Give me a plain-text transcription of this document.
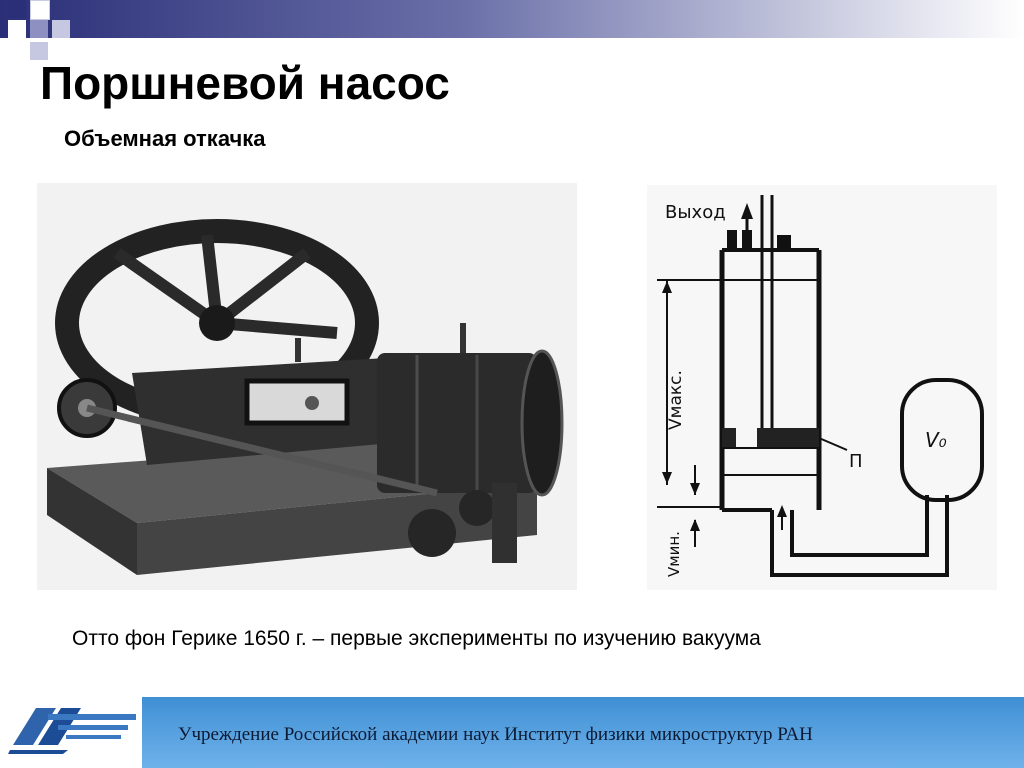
Поршневой насос
Объемная откачка
Выход
П
Vмакс.
Vмин.
V₀

Отто фон Герике 1650 г. – первые эксперименты по изучению вакуума

Учреждение Российской академии наук Институт физики микроструктур РАН
